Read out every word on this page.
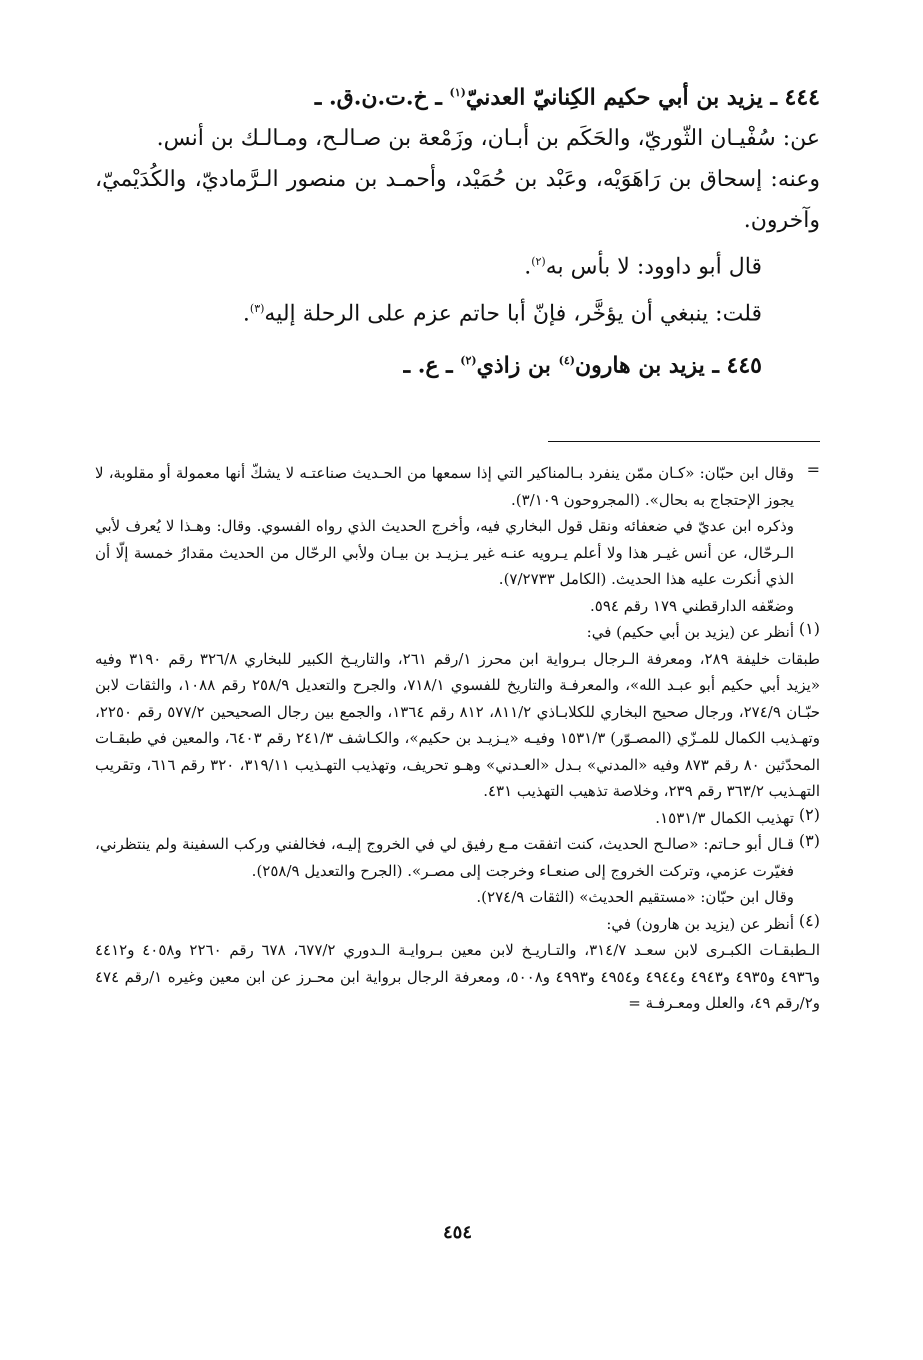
٤٤٤ ـ يزيد بن أبي حكيم الكِنانيّ العدنيّ$^{(١)}$ ـ خ.ت.ن.ق. ـ

عن: سُفْيـان الثّوريّ، والحَكَم بن أبـان، وزَمْعة بن صـالـح، ومـالـك بن أنس.

وعنه: إسحاق بن رَاهَوَيْه، وعَبْد بن حُمَيْد، وأحمـد بن منصور الـرَّماديّ، والكُدَيْميّ، وآخرون.

قال أبو داوود: لا بأس به$^{(٢)}$.

قلت: ينبغي أن يؤخَّر، فإنّ أبا حاتم عزم على الرحلة إليه$^{(٣)}$.

٤٤٥ ـ يزيد بن هارون$^{(٤)}$ بن زاذي$^{(٢)}$ ـ ع. ـ

=

وقال ابن حبّان: «كـان ممّن ينفرد بـالمناكير التي إذا سمعها من الحـديث صناعتـه لا يشكّ أنها معمولة أو مقلوبة، لا يجوز الإحتجاج به بحال». (المجروحون ٣/١٠٩).

وذكره ابن عديّ في ضعفائه ونقل قول البخاري فيه، وأخرج الحديث الذي رواه الفسوي. وقال: وهـذا لا يُعرف لأبي الـرحّال، عن أنس غيـر هذا ولا أعلم يـرويه عنـه غير يـزيـد بن بيـان ولأبي الرحّال من الحديث مقدارُ خمسة إلّا أن الذي أنكرت عليه هذا الحديث. (الكامل ٧/٢٧٣٣).

وضعّفه الدارقطني ١٧٩ رقم ٥٩٤.

(١)

أنظر عن (يزيد بن أبي حكيم) في:

طبقات خليفة ٢٨٩، ومعرفة الـرجال بـرواية ابن محرز ١/رقم ٢٦١، والتاريـخ الكبير للبخاري ٣٢٦/٨ رقم ٣١٩٠ وفيه «يزيد أبي حكيم أبو عبـد الله»، والمعرفـة والتاريخ للفسوي ٧١٨/١، والجرح والتعديل ٢٥٨/٩ رقم ١٠٨٨، والثقات لابن حبّـان ٢٧٤/٩، ورجال صحيح البخاري للكلابـاذي ٨١١/٢، ٨١٢ رقم ١٣٦٤، والجمع بين رجال الصحيحين ٥٧٧/٢ رقم ٢٢٥٠، وتهـذيب الكمال للمـزّي (المصـوّر) ١٥٣١/٣ وفيـه «يـزيـد بن حكيم»، والكـاشف ٢٤١/٣ رقم ٦٤٠٣، والمعين في طبقـات المحدّثين ٨٠ رقم ٨٧٣ وفيه «المدني» بـدل «العـدني» وهـو تحريف، وتهذيب التهـذيب ٣١٩/١١، ٣٢٠ رقم ٦١٦، وتقريب التهـذيب ٣٦٣/٢ رقم ٢٣٩، وخلاصة تذهيب التهذيب ٤٣١.

(٢)

تهذيب الكمال ١٥٣١/٣.

(٣)

قـال أبو حـاتم: «صالـح الحديث، كنت اتفقت مـع رفيق لي في الخروج إليـه، فخالفني وركب السفينة ولم ينتظرني، فغيّرت عزمي، وتركت الخروج إلى صنعـاء وخرجت إلى مصـر». (الجرح والتعديل ٢٥٨/٩).

وقال ابن حبّان: «مستقيم الحديث» (الثقات ٢٧٤/٩).

(٤)

أنظر عن (يزيد بن هارون) في:

الـطبقـات الكبـرى لابن سعـد ٣١٤/٧، والتـاريـخ لابن معين بـروايـة الـدوري ٦٧٧/٢، ٦٧٨ رقم ٢٢٦٠ و٤٠٥٨ و٤٤١٢ و٤٩٣٦ و٤٩٣٥ و٤٩٤٣ و٤٩٤٤ و٤٩٥٤ و٤٩٩٣ و٥٠٠٨، ومعرفة الرجال برواية ابن محـرز عن ابن معين وغيره ١/رقم ٤٧٤ و٢/رقم ٤٩، والعلل ومعـرفـة =

٤٥٤
